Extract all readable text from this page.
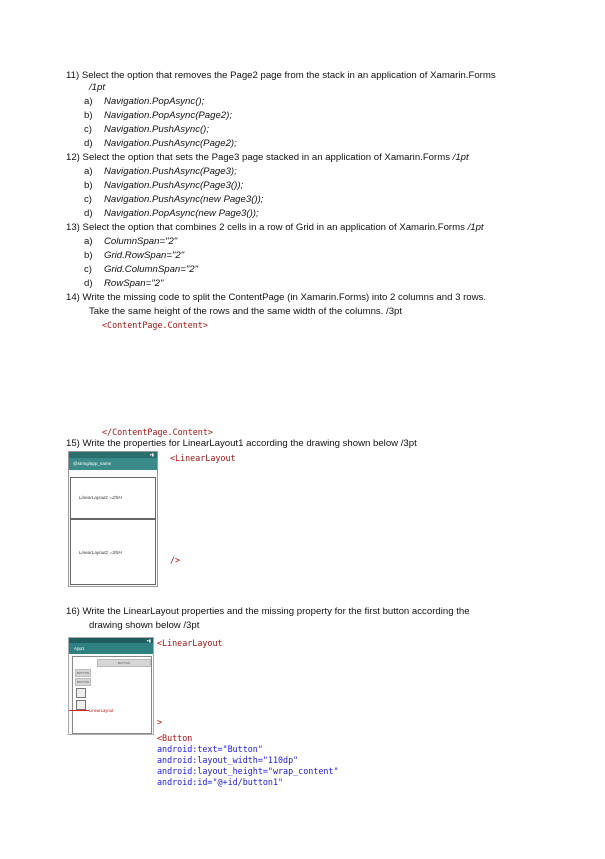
11) Select the option that removes the Page2 page from the stack in an application of Xamarin.Forms
/1pt
a) Navigation.PopAsync();
b) Navigation.PopAsync(Page2);
c) Navigation.PushAsync();
d) Navigation.PushAsync(Page2);
12) Select the option that sets the Page3 page stacked in an application of Xamarin.Forms /1pt
a) Navigation.PushAsync(Page3);
b) Navigation.PushAsync(Page3());
c) Navigation.PushAsync(new Page3());
d) Navigation.PopAsync(new Page3());
13) Select the option that combines 2 cells in a row of Grid in an application of Xamarin.Forms /1pt
a) ColumnSpan="2"
b) Grid.RowSpan="2"
c) Grid.ColumnSpan="2"
d) RowSpan="2"
14) Write the missing code to split the ContentPage (in Xamarin.Forms) into 2 columns and 3 rows.
Take the same height of the rows and the same width of the columns. /3pt
<ContentPage.Content>
</ContentPage.Content>
15) Write the properties for LinearLayout1 according the drawing shown below /3pt
<LinearLayout
/>
▾▮
@string/app_name
LinearLayout1 =2/5H
LinearLayout2 =3/5H
16) Write the LinearLayout properties and the missing property for the first button according the
drawing shown below /3pt
<LinearLayout
>
<Button
android:text="Button"
android:layout_width="110dp"
android:layout_height="wrap_content"
android:id="@+id/button1"
▾▮
App1
BUTTON
BUTTON
BUTTON
LinearLayout
